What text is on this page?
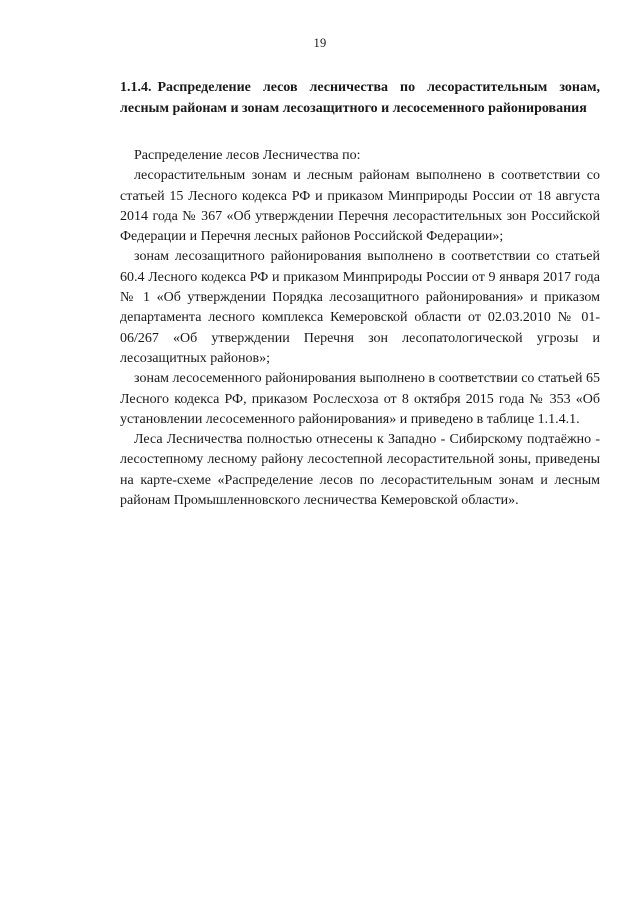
19
1.1.4. Распределение лесов лесничества по лесорастительным зонам, лесным районам и зонам лесозащитного и лесосеменного районирования

Распределение лесов Лесничества по:

лесорастительным зонам и лесным районам выполнено в соответствии со статьей 15 Лесного кодекса РФ и приказом Минприроды России от 18 августа 2014 года № 367 «Об утверждении Перечня лесорастительных зон Российской Федерации и Перечня лесных районов Российской Федерации»;

зонам лесозащитного районирования выполнено в соответствии со статьей 60.4 Лесного кодекса РФ и приказом Минприроды России от 9 января 2017 года № 1 «Об утверждении Порядка лесозащитного районирования» и приказом департамента лесного комплекса Кемеровской области от 02.03.2010 № 01-06/267 «Об утверждении Перечня зон лесопатологической угрозы и лесозащитных районов»;

зонам лесосеменного районирования выполнено в соответствии со статьей 65 Лесного кодекса РФ, приказом Рослесхоза от 8 октября 2015 года № 353 «Об установлении лесосеменного районирования» и приведено в таблице 1.1.4.1.

Леса Лесничества полностью отнесены к Западно - Сибирскому подтаёжно - лесостепному лесному району лесостепной лесорастительной зоны, приведены на карте-схеме «Распределение лесов по лесорастительным зонам и лесным районам Промышленновского лесничества Кемеровской области».
